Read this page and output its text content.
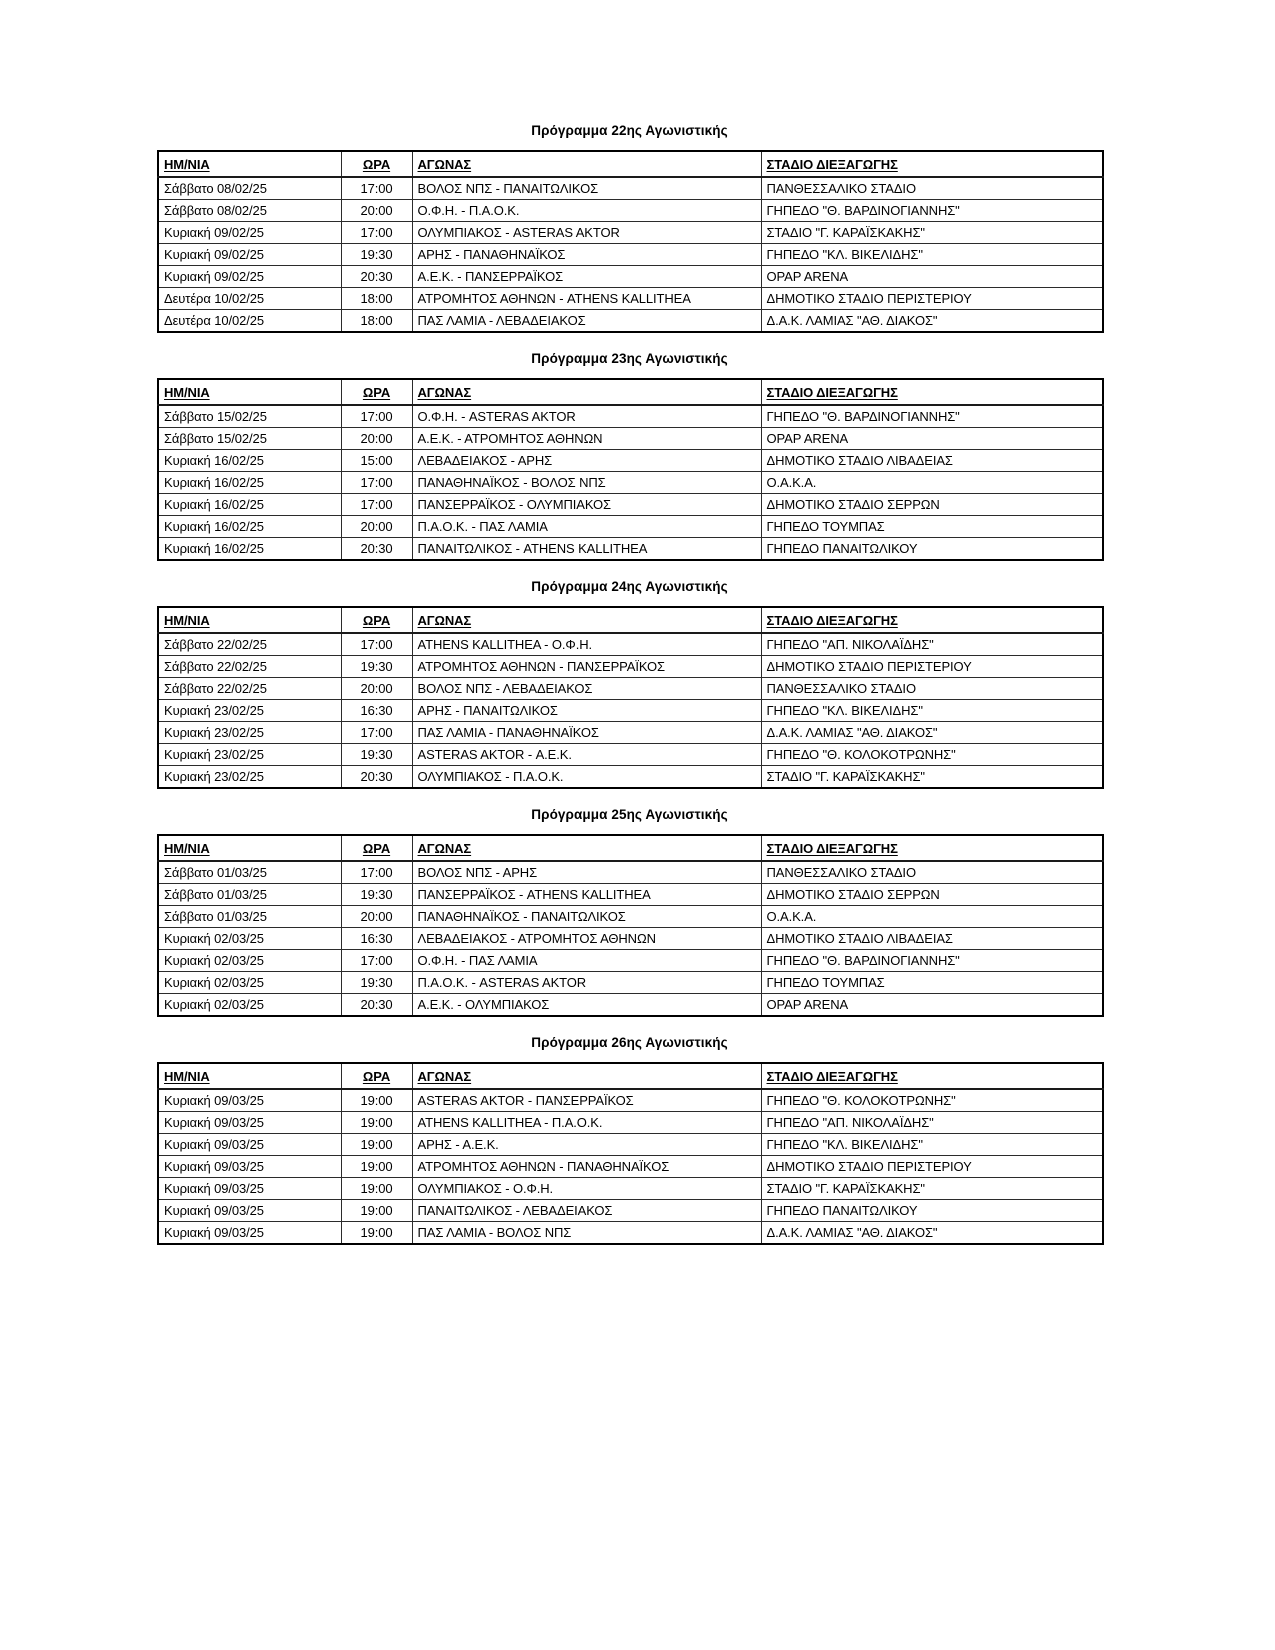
Πρόγραμμα 22ης Αγωνιστικής
ΗΜ/ΝΙΑ	ΩΡΑ	ΑΓΩΝΑΣ	ΣΤΑΔΙΟ ΔΙΕΞΑΓΩΓΗΣ
Σάββατο 08/02/25	17:00	ΒΟΛΟΣ ΝΠΣ - ΠΑΝΑΙΤΩΛΙΚΟΣ	ΠΑΝΘΕΣΣΑΛΙΚΟ ΣΤΑΔΙΟ
Σάββατο 08/02/25	20:00	Ο.Φ.Η. - Π.Α.Ο.Κ.	ΓΗΠΕΔΟ "Θ. ΒΑΡΔΙΝΟΓΙΑΝΝΗΣ"
Κυριακή 09/02/25	17:00	ΟΛΥΜΠΙΑΚΟΣ - ASTERAS AKTOR	ΣΤΑΔΙΟ "Γ. ΚΑΡΑΪΣΚΑΚΗΣ"
Κυριακή 09/02/25	19:30	ΑΡΗΣ - ΠΑΝΑΘΗΝΑΪΚΟΣ	ΓΗΠΕΔΟ "ΚΛ. ΒΙΚΕΛΙΔΗΣ"
Κυριακή 09/02/25	20:30	Α.Ε.Κ. - ΠΑΝΣΕΡΡΑΪΚΟΣ	OPAP ARENA
Δευτέρα 10/02/25	18:00	ΑΤΡΟΜΗΤΟΣ ΑΘΗΝΩΝ - ATHENS KALLITHEA	ΔΗΜΟΤΙΚΟ ΣΤΑΔΙΟ ΠΕΡΙΣΤΕΡΙΟΥ
Δευτέρα 10/02/25	18:00	ΠΑΣ ΛΑΜΙΑ - ΛΕΒΑΔΕΙΑΚΟΣ	Δ.Α.Κ. ΛΑΜΙΑΣ "ΑΘ. ΔΙΑΚΟΣ"
Πρόγραμμα 23ης Αγωνιστικής
ΗΜ/ΝΙΑ	ΩΡΑ	ΑΓΩΝΑΣ	ΣΤΑΔΙΟ ΔΙΕΞΑΓΩΓΗΣ
Σάββατο 15/02/25	17:00	Ο.Φ.Η. - ASTERAS AKTOR	ΓΗΠΕΔΟ "Θ. ΒΑΡΔΙΝΟΓΙΑΝΝΗΣ"
Σάββατο 15/02/25	20:00	Α.Ε.Κ. - ΑΤΡΟΜΗΤΟΣ ΑΘΗΝΩΝ	OPAP ARENA
Κυριακή 16/02/25	15:00	ΛΕΒΑΔΕΙΑΚΟΣ - ΑΡΗΣ	ΔΗΜΟΤΙΚΟ ΣΤΑΔΙΟ ΛΙΒΑΔΕΙΑΣ
Κυριακή 16/02/25	17:00	ΠΑΝΑΘΗΝΑΪΚΟΣ - ΒΟΛΟΣ ΝΠΣ	Ο.Α.Κ.Α.
Κυριακή 16/02/25	17:00	ΠΑΝΣΕΡΡΑΪΚΟΣ - ΟΛΥΜΠΙΑΚΟΣ	ΔΗΜΟΤΙΚΟ ΣΤΑΔΙΟ ΣΕΡΡΩΝ
Κυριακή 16/02/25	20:00	Π.Α.Ο.Κ. - ΠΑΣ ΛΑΜΙΑ	ΓΗΠΕΔΟ ΤΟΥΜΠΑΣ
Κυριακή 16/02/25	20:30	ΠΑΝΑΙΤΩΛΙΚΟΣ - ATHENS KALLITHEA	ΓΗΠΕΔΟ ΠΑΝΑΙΤΩΛΙΚΟΥ
Πρόγραμμα 24ης Αγωνιστικής
ΗΜ/ΝΙΑ	ΩΡΑ	ΑΓΩΝΑΣ	ΣΤΑΔΙΟ ΔΙΕΞΑΓΩΓΗΣ
Σάββατο 22/02/25	17:00	ATHENS KALLITHEA - Ο.Φ.Η.	ΓΗΠΕΔΟ "ΑΠ. ΝΙΚΟΛΑΪΔΗΣ"
Σάββατο 22/02/25	19:30	ΑΤΡΟΜΗΤΟΣ ΑΘΗΝΩΝ - ΠΑΝΣΕΡΡΑΪΚΟΣ	ΔΗΜΟΤΙΚΟ ΣΤΑΔΙΟ ΠΕΡΙΣΤΕΡΙΟΥ
Σάββατο 22/02/25	20:00	ΒΟΛΟΣ ΝΠΣ - ΛΕΒΑΔΕΙΑΚΟΣ	ΠΑΝΘΕΣΣΑΛΙΚΟ ΣΤΑΔΙΟ
Κυριακή 23/02/25	16:30	ΑΡΗΣ - ΠΑΝΑΙΤΩΛΙΚΟΣ	ΓΗΠΕΔΟ "ΚΛ. ΒΙΚΕΛΙΔΗΣ"
Κυριακή 23/02/25	17:00	ΠΑΣ ΛΑΜΙΑ - ΠΑΝΑΘΗΝΑΪΚΟΣ	Δ.Α.Κ. ΛΑΜΙΑΣ "ΑΘ. ΔΙΑΚΟΣ"
Κυριακή 23/02/25	19:30	ASTERAS AKTOR - Α.Ε.Κ.	ΓΗΠΕΔΟ "Θ. ΚΟΛΟΚΟΤΡΩΝΗΣ"
Κυριακή 23/02/25	20:30	ΟΛΥΜΠΙΑΚΟΣ - Π.Α.Ο.Κ.	ΣΤΑΔΙΟ "Γ. ΚΑΡΑΪΣΚΑΚΗΣ"
Πρόγραμμα 25ης Αγωνιστικής
ΗΜ/ΝΙΑ	ΩΡΑ	ΑΓΩΝΑΣ	ΣΤΑΔΙΟ ΔΙΕΞΑΓΩΓΗΣ
Σάββατο 01/03/25	17:00	ΒΟΛΟΣ ΝΠΣ - ΑΡΗΣ	ΠΑΝΘΕΣΣΑΛΙΚΟ ΣΤΑΔΙΟ
Σάββατο 01/03/25	19:30	ΠΑΝΣΕΡΡΑΪΚΟΣ - ATHENS KALLITHEA	ΔΗΜΟΤΙΚΟ ΣΤΑΔΙΟ ΣΕΡΡΩΝ
Σάββατο 01/03/25	20:00	ΠΑΝΑΘΗΝΑΪΚΟΣ - ΠΑΝΑΙΤΩΛΙΚΟΣ	Ο.Α.Κ.Α.
Κυριακή 02/03/25	16:30	ΛΕΒΑΔΕΙΑΚΟΣ - ΑΤΡΟΜΗΤΟΣ ΑΘΗΝΩΝ	ΔΗΜΟΤΙΚΟ ΣΤΑΔΙΟ ΛΙΒΑΔΕΙΑΣ
Κυριακή 02/03/25	17:00	Ο.Φ.Η. - ΠΑΣ ΛΑΜΙΑ	ΓΗΠΕΔΟ "Θ. ΒΑΡΔΙΝΟΓΙΑΝΝΗΣ"
Κυριακή 02/03/25	19:30	Π.Α.Ο.Κ. - ASTERAS AKTOR	ΓΗΠΕΔΟ ΤΟΥΜΠΑΣ
Κυριακή 02/03/25	20:30	Α.Ε.Κ. - ΟΛΥΜΠΙΑΚΟΣ	OPAP ARENA
Πρόγραμμα 26ης Αγωνιστικής
ΗΜ/ΝΙΑ	ΩΡΑ	ΑΓΩΝΑΣ	ΣΤΑΔΙΟ ΔΙΕΞΑΓΩΓΗΣ
Κυριακή 09/03/25	19:00	ASTERAS AKTOR - ΠΑΝΣΕΡΡΑΪΚΟΣ	ΓΗΠΕΔΟ "Θ. ΚΟΛΟΚΟΤΡΩΝΗΣ"
Κυριακή 09/03/25	19:00	ATHENS KALLITHEA - Π.Α.Ο.Κ.	ΓΗΠΕΔΟ "ΑΠ. ΝΙΚΟΛΑΪΔΗΣ"
Κυριακή 09/03/25	19:00	ΑΡΗΣ - Α.Ε.Κ.	ΓΗΠΕΔΟ "ΚΛ. ΒΙΚΕΛΙΔΗΣ"
Κυριακή 09/03/25	19:00	ΑΤΡΟΜΗΤΟΣ ΑΘΗΝΩΝ - ΠΑΝΑΘΗΝΑΪΚΟΣ	ΔΗΜΟΤΙΚΟ ΣΤΑΔΙΟ ΠΕΡΙΣΤΕΡΙΟΥ
Κυριακή 09/03/25	19:00	ΟΛΥΜΠΙΑΚΟΣ - Ο.Φ.Η.	ΣΤΑΔΙΟ "Γ. ΚΑΡΑΪΣΚΑΚΗΣ"
Κυριακή 09/03/25	19:00	ΠΑΝΑΙΤΩΛΙΚΟΣ - ΛΕΒΑΔΕΙΑΚΟΣ	ΓΗΠΕΔΟ ΠΑΝΑΙΤΩΛΙΚΟΥ
Κυριακή 09/03/25	19:00	ΠΑΣ ΛΑΜΙΑ - ΒΟΛΟΣ ΝΠΣ	Δ.Α.Κ. ΛΑΜΙΑΣ "ΑΘ. ΔΙΑΚΟΣ"
